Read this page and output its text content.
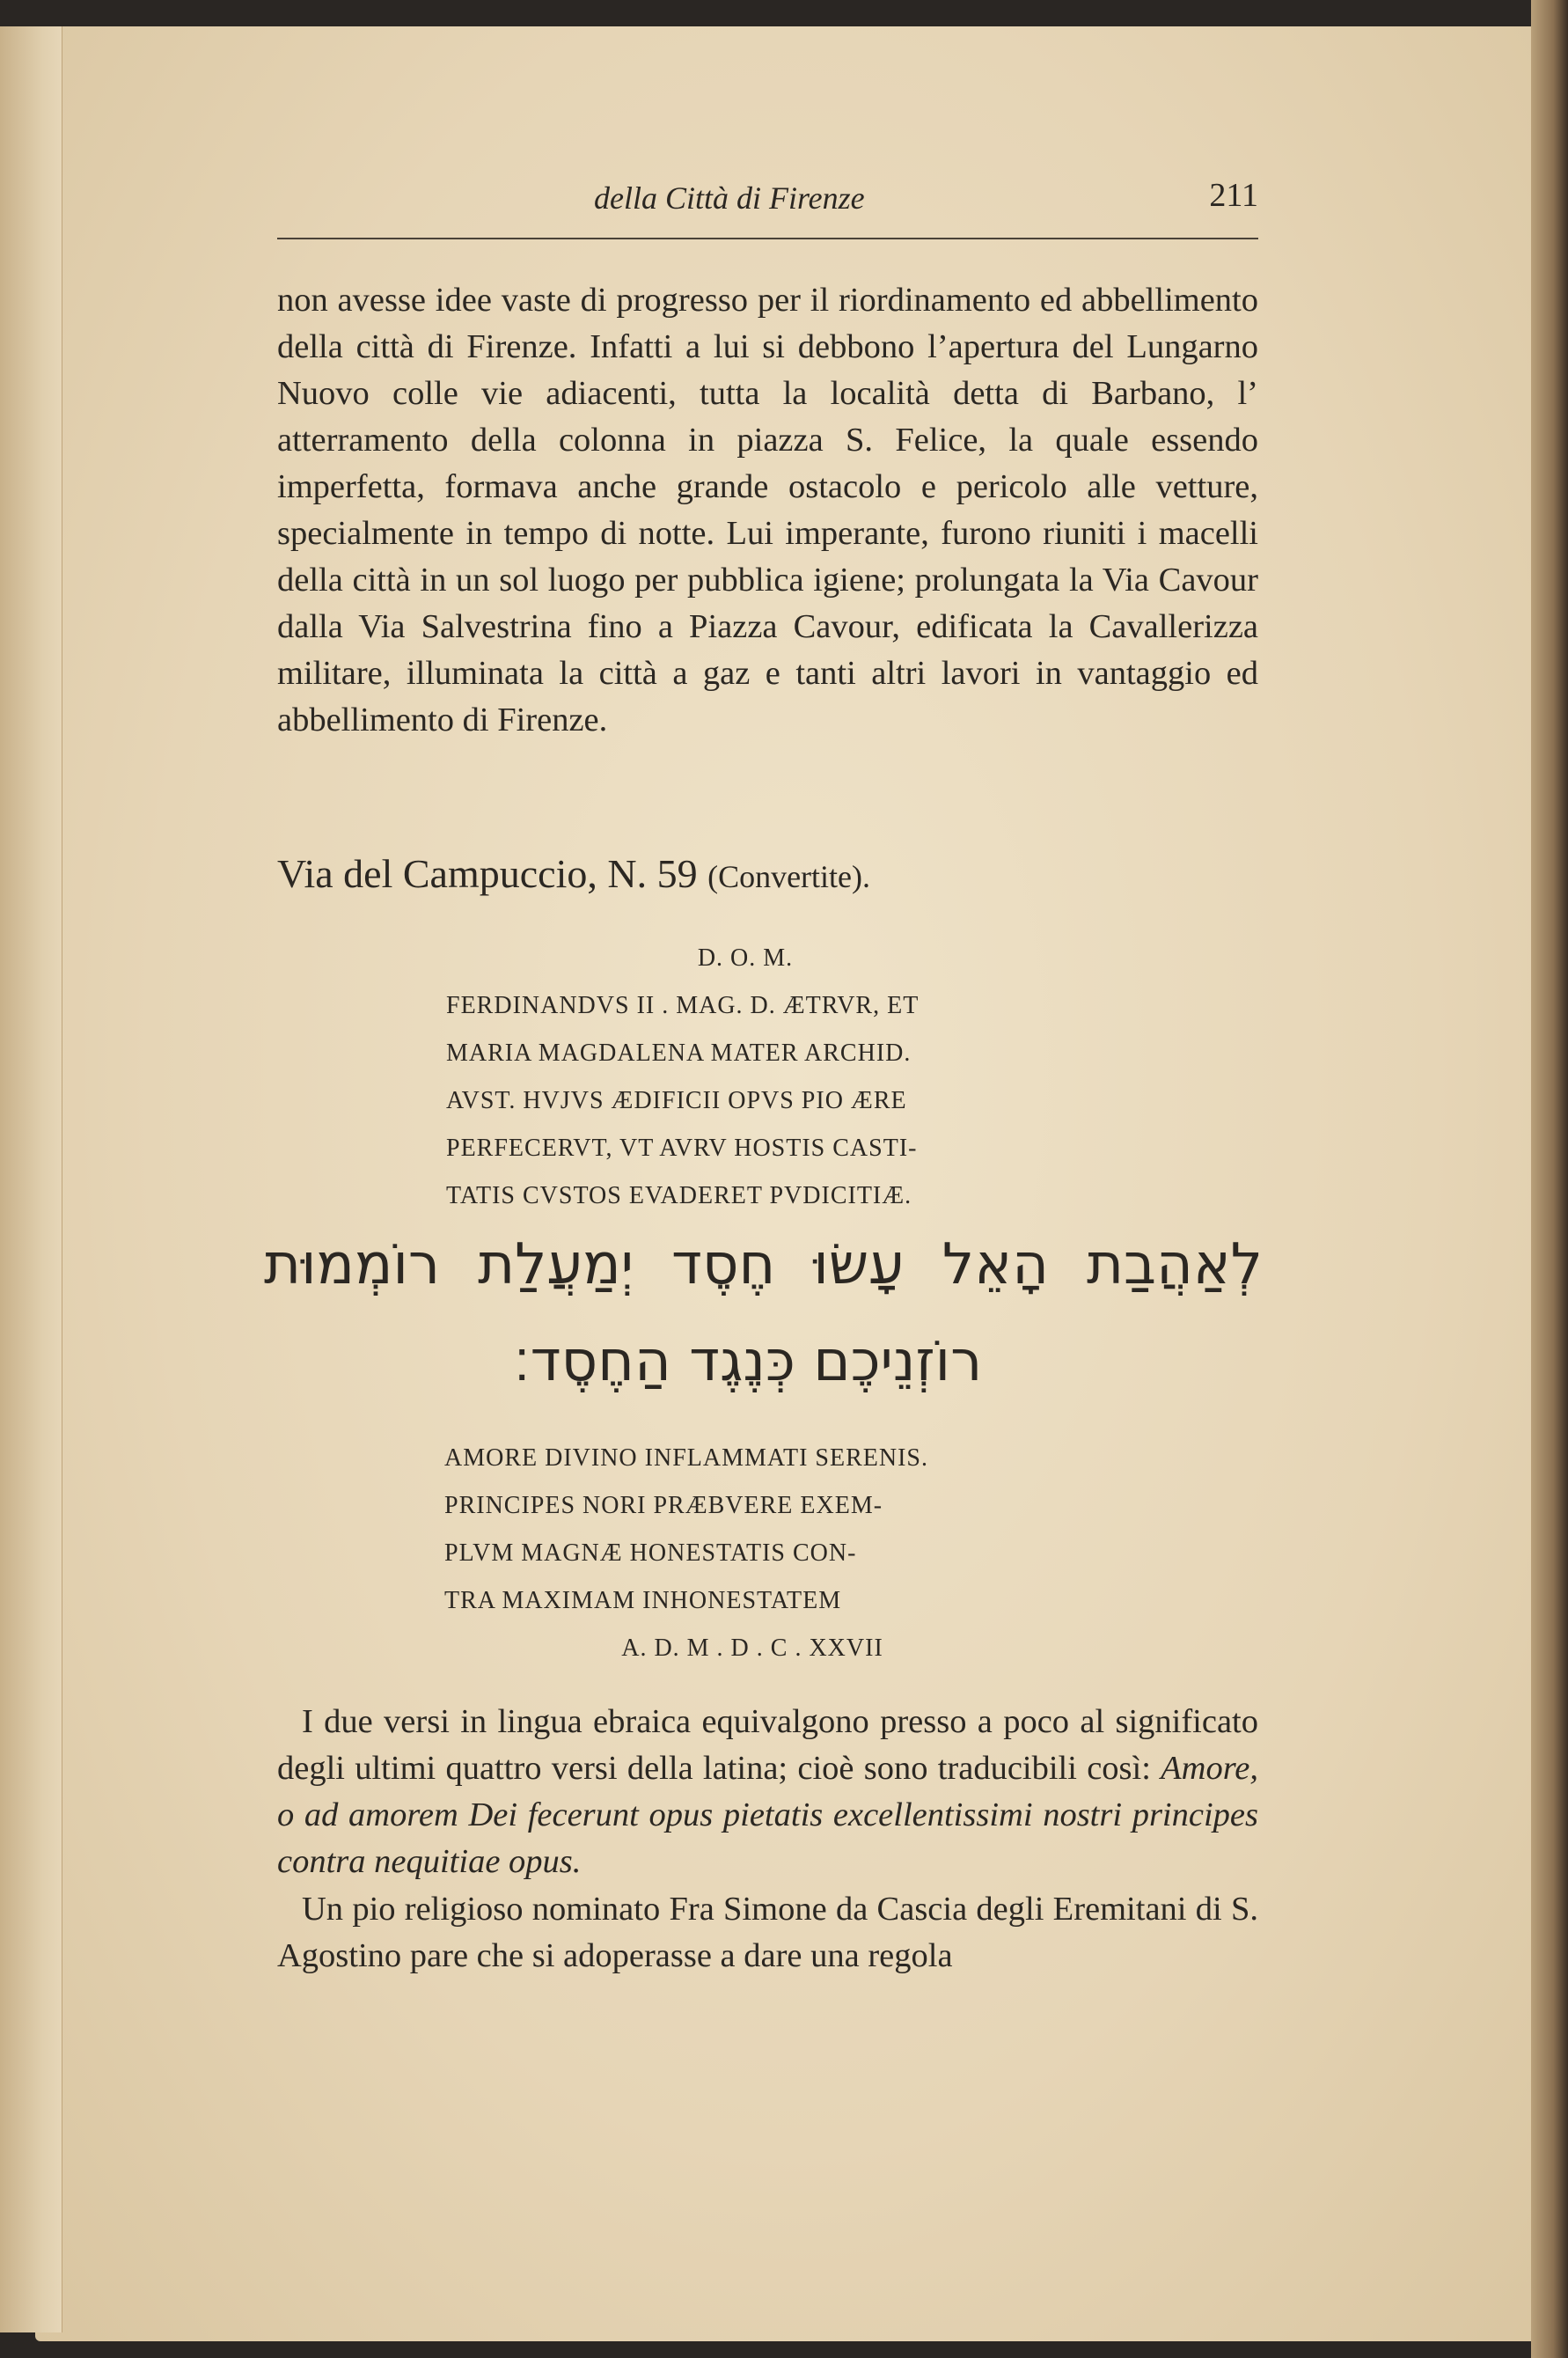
della Città di Firenze	211

non avesse idee vaste di progresso per il riordinamento ed abbellimento della città di Firenze. Infatti a lui si debbono l’apertura del Lungarno Nuovo colle vie adiacenti, tutta la località detta di Barbano, l’ atterramento della colonna in piazza S. Felice, la quale essendo imperfetta, formava anche grande ostacolo e pericolo alle vetture, specialmente in tempo di notte. Lui imperante, furono riuniti i macelli della città in un sol luogo per pubblica igiene; prolungata la Via Cavour dalla Via Salvestrina fino a Piazza Cavour, edificata la Cavallerizza militare, illuminata la città a gaz e tanti altri lavori in vantaggio ed abbellimento di Firenze.

Via del Campuccio, N. 59 (Convertite).

D. O. M.
FERDINANDVS II . MAG. D. ÆTRVR, ET
MARIA MAGDALENA MATER ARCHID.
AVST. HVJVS ÆDIFICII OPVS PIO ÆRE
PERFECERVT, VT AVRV HOSTIS CASTI-
TATIS CVSTOS EVADERET PVDICITIÆ.

לְאַהֲבַת הָאֵל עָשׂוּ חֶסֶד יְמַעֲלַת רוֹמְמוּת

רוֹזְנֵיכֶם כְּנֶגֶד הַחֶסֶד׃

AMORE DIVINO INFLAMMATI SERENIS.
PRINCIPES NORI PRÆBVERE EXEM-
PLVM MAGNÆ HONESTATIS CON-
TRA MAXIMAM INHONESTATEM
A. D. M . D . C . XXVII

I due versi in lingua ebraica equivalgono presso a poco al significato degli ultimi quattro versi della latina; cioè sono traducibili così: Amore, o ad amorem Dei fecerunt opus pietatis excellentissimi nostri principes contra nequitiae opus.

Un pio religioso nominato Fra Simone da Cascia degli Eremitani di S. Agostino pare che si adoperasse a dare una regola
